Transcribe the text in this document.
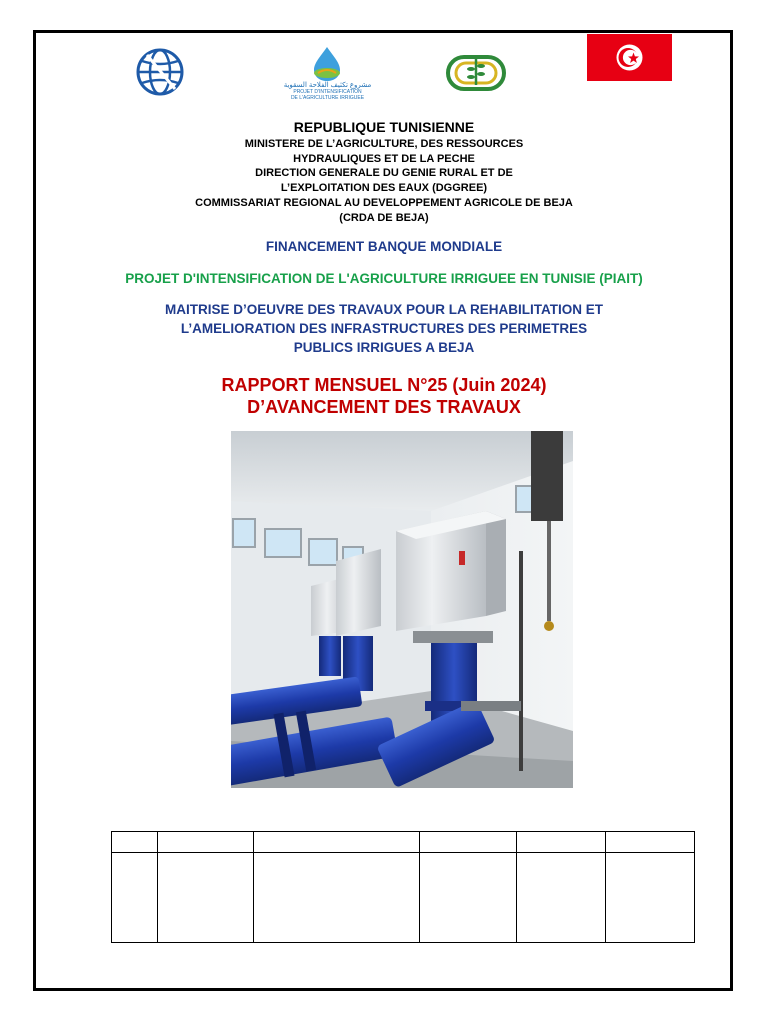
مشروع تكثيف الفلاحة السقوية
PROJET D'INTENSIFICATION
DE L'AGRICULTURE IRRIGUEE
REPUBLIQUE TUNISIENNE
MINISTERE DE L’AGRICULTURE, DES RESSOURCES
HYDRAULIQUES ET DE LA PECHE
DIRECTION GENERALE DU GENIE RURAL ET DE
L’EXPLOITATION DES EAUX (DGGREE)
COMMISSARIAT REGIONAL AU DEVELOPPEMENT AGRICOLE DE BEJA
(CRDA DE BEJA)
FINANCEMENT BANQUE MONDIALE
PROJET D'INTENSIFICATION DE L'AGRICULTURE IRRIGUEE EN TUNISIE (PIAIT)
MAITRISE D’OEUVRE DES TRAVAUX POUR LA REHABILITATION ET
L’AMELIORATION DES INFRASTRUCTURES DES PERIMETRES
PUBLICS IRRIGUES A BEJA
RAPPORT MENSUEL N°25 (Juin 2024)
D’AVANCEMENT DES TRAVAUX
